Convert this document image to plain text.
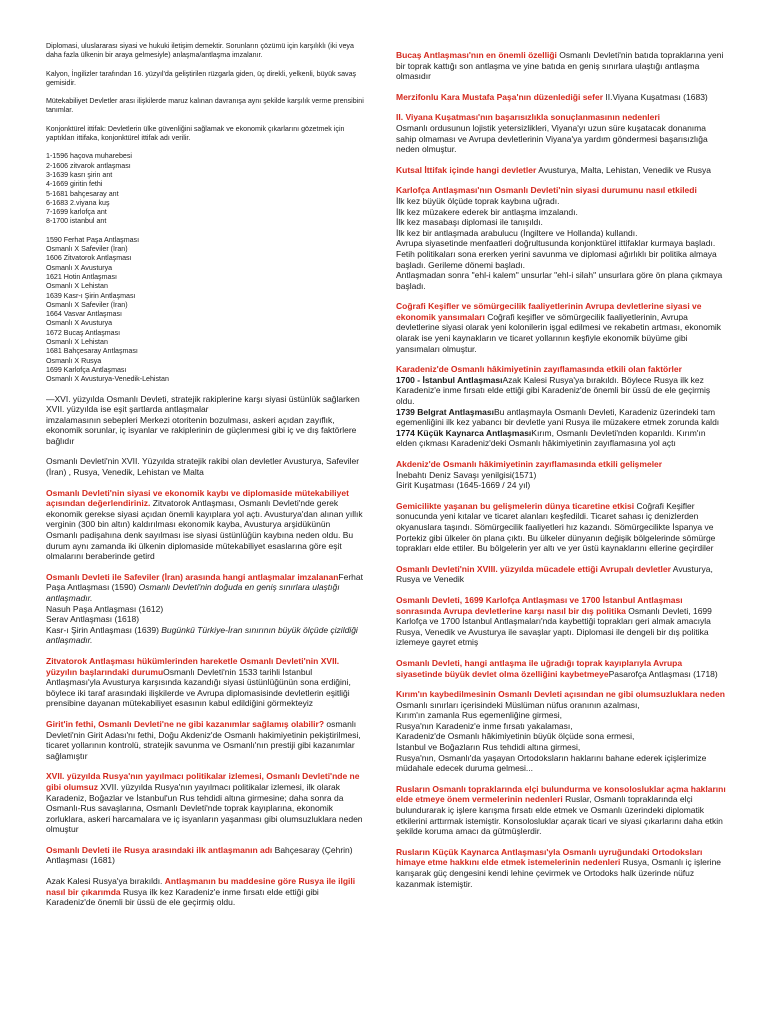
Diplomasi, uluslararası siyasi ve hukuki iletişim demektir. Sorunların çözümü için karşılıklı (iki veya daha fazla ülkenin bir araya gelmesiyle) anlaşma/antlaşma imzalanır.

Kalyon, İngilizler tarafından 16. yüzyıl'da geliştirilen rüzgarla giden, üç direkli, yelkenli, büyük savaş gemisidir.

Mütekabiliyet Devletler arası ilişkilerde maruz kalınan davranışa aynı şekilde karşılık verme prensibini tanımlar.

Konjonktürel ittifak: Devletlerin ülke güvenliğini sağlamak ve ekonomik çıkarlarını gözetmek için yaptıkları ittifaka, konjonktürel ittifak adı verilir.

1-1596 haçova muharebesi
2-1606 zitvarok antlaşması
3-1639 kasrı şirin ant
4-1669 giritin fethi
5-1681 bahçesaray ant
6-1683 2.viyana kuş
7-1699 karlofça ant
8-1700 istanbul ant
1590 Ferhat Paşa Antlaşması
Osmanlı X Safeviler (İran)
1606 Zitvatorok Antlaşması
Osmanlı X Avusturya
1621 Hotin Antlaşması
Osmanlı X Lehistan
1639 Kasr-ı Şirin Antlaşması
Osmanlı X Safeviler (İran)
1664 Vasvar Antlaşması
Osmanlı X Avusturya
1672 Bucaş Antlaşması
Osmanlı X Lehistan
1681 Bahçesaray Antlaşması
Osmanlı X Rusya
1699 Karlofça Antlaşması
Osmanlı X Avusturya-Venedik-Lehistan

—XVI. yüzyılda Osmanlı Devleti, stratejik rakiplerine karşı siyasi üstünlük sağlarken XVII. yüzyılda ise eşit şartlarda antlaşmalar

imzalamasının sebepleri Merkezi otoritenin bozulması, askeri açıdan zayıflık, ekonomik sorunlar, iç isyanlar ve rakiplerinin de güçlenmesi gibi iç ve dış faktörlere bağlıdır

Osmanlı Devleti'nin XVII. Yüzyılda stratejik rakibi olan devletler Avusturya, Safeviler (İran) , Rusya, Venedik, Lehistan ve Malta

Osmanlı Devleti'nin siyasi ve ekonomik kaybı ve diplomaside mütekabiliyet açısından değerlendiriniz. Zitvatorok Antlaşması, Osmanlı Devleti'nde gerek ekonomik gerekse siyasi açıdan önemli kayıplara yol açtı. Avusturya'dan alınan yıllık verginin (300 bin altın) kaldırılması ekonomik kayba, Avusturya arşidükünün Osmanlı padişahına denk sayılması ise siyasi üstünlüğün kaybına neden oldu. Bu durum aynı zamanda iki ülkenin diplomaside mütekabiliyet esaslarına göre eşit olmalarını beraberinde getird

Osmanlı Devleti ile Safeviler (İran) arasında hangi antlaşmalar imzalananFerhat Paşa Antlaşması (1590) Osmanlı Devleti'nin doğuda en geniş sınırlara ulaştığı antlaşmadır.

Nasuh Paşa Antlaşması (1612)

Serav Antlaşması (1618)

Kasr-ı Şirin Antlaşması (1639) Bugünkü Türkiye-İran sınırının büyük ölçüde çizildiği antlaşmadır.

Zitvatorok Antlaşması hükümlerinden hareketle Osmanlı Devleti'nin XVII. yüzyılın başlarındaki durumuOsmanlı Devleti'nin 1533 tarihli İstanbul Antlaşması'yla Avusturya karşısında kazandığı siyasi üstünlüğünün sona erdiğini, böylece iki taraf arasındaki ilişkilerde ve Avrupa diplomasisinde devletlerin eşitliği prensibine dayanan mütekabiliyet esasının kabul edildiğini görmekteyiz

Girit'in fethi, Osmanlı Devleti'ne ne gibi kazanımlar sağlamış olabilir? osmanlı Devleti'nin Girit Adası'nı fethi, Doğu Akdeniz'de Osmanlı hakimiyetinin pekiştirilmesi, ticaret yollarının kontrolü, stratejik savunma ve Osmanlı'nın prestiji gibi kazanımlar sağlamıştır

XVII. yüzyılda Rusya'nın yayılmacı politikalar izlemesi, Osmanlı Devleti'nde ne gibi olumsuz XVII. yüzyılda Rusya'nın yayılmacı politikalar izlemesi, ilk olarak Karadeniz, Boğazlar ve İstanbul'un Rus tehdidi altına girmesine; daha sonra da Osmanlı-Rus savaşlarına, Osmanlı Devleti'nde toprak kayıplarına, ekonomik zorluklara, askeri harcamalara ve iç isyanların yaşanması gibi olumsuzluklara neden olmuştur

Osmanlı Devleti ile Rusya arasındaki ilk antlaşmanın adı Bahçesaray (Çehrin) Antlaşması (1681)

Azak Kalesi Rusya'ya bırakıldı. Antlaşmanın bu maddesine göre Rusya ile ilgili nasıl bir çıkarımda Rusya ilk kez Karadeniz'e inme fırsatı elde ettiği gibi Karadeniz'de önemli bir üssü de ele geçirmiş oldu.

Bucaş Antlaşması'nın en önemli özelliği Osmanlı Devleti'nin batıda topraklarına yeni bir toprak kattığı son antlaşma ve yine batıda en geniş sınırlara ulaştığı antlaşma olmasıdır

Merzifonlu Kara Mustafa Paşa'nın düzenlediği sefer II.Viyana Kuşatması (1683)

II. Viyana Kuşatması'nın başarısızlıkla sonuçlanmasının nedenleri

Osmanlı ordusunun lojistik yetersizlikleri, Viyana'yı uzun süre kuşatacak donanıma sahip olmaması ve Avrupa devletlerinin Viyana'ya yardım göndermesi başarısızlığa neden olmuştur.

Kutsal İttifak içinde hangi devletler Avusturya, Malta, Lehistan, Venedik ve Rusya

Karlofça Antlaşması'nın Osmanlı Devleti'nin siyasi durumunu nasıl etkiledi

İlk kez büyük ölçüde toprak kaybına uğradı.

İlk kez müzakere ederek bir antlaşma imzalandı.

İlk kez masabaşı diplomasi ile tanışıldı.

İlk kez bir antlaşmada arabulucu (İngiltere ve Hollanda) kullandı.

Avrupa siyasetinde menfaatleri doğrultusunda konjonktürel ittifaklar kurmaya başladı.

Fetih politikaları sona ererken yerini savunma ve diplomasi ağırlıklı bir politika almaya başladı. Gerileme dönemi başladı.

Antlaşmadan sonra "ehl-i kalem" unsurlar "ehl-i silah" unsurlara göre ön plana çıkmaya başladı.

Coğrafi Keşifler ve sömürgecilik faaliyetlerinin Avrupa devletlerine siyasi ve ekonomik yansımaları Coğrafi keşifler ve sömürgecilik faaliyetlerinin, Avrupa devletlerine siyasi olarak yeni kolonilerin işgal edilmesi ve rekabetin artması, ekonomik olarak ise yeni kaynakların ve ticaret yollarının keşfiyle ekonomik büyüme gibi yansımaları olmuştur.

Karadeniz'de Osmanlı hâkimiyetinin zayıflamasında etkili olan faktörler

1700 - İstanbul AntlaşmasıAzak Kalesi Rusya'ya bırakıldı. Böylece Rusya ilk kez Karadeniz'e inme fırsatı elde ettiği gibi Karadeniz'de önemli bir üssü de ele geçirmiş oldu.

1739 Belgrat AntlaşmasıBu antlaşmayla Osmanlı Devleti, Karadeniz üzerindeki tam egemenliğini ilk kez yabancı bir devletle yani Rusya ile müzakere etmek zorunda kaldı

1774 Küçük Kaynarca AntlaşmasıKırım, Osmanlı Devleti'nden koparıldı. Kırım'ın elden çıkması Karadeniz'deki Osmanlı hâkimiyetinin zayıflamasına yol açtı

Akdeniz'de Osmanlı hâkimiyetinin zayıflamasında etkili gelişmeler

İnebahtı Deniz Savaşı yenilgisi(1571)

Girit Kuşatması (1645-1669 / 24 yıl)

Gemicilikte yaşanan bu gelişmelerin dünya ticaretine etkisi Coğrafi Keşifler sonucunda yeni kıtalar ve ticaret alanları keşfedildi. Ticaret sahası iç denizlerden okyanuslara taşındı. Sömürgecilik faaliyetleri hız kazandı. Sömürgecilikte İspanya ve Portekiz gibi ülkeler ön plana çıktı. Bu ülkeler dünyanın değişik bölgelerinde sömürge toprakları elde ettiler. Bu bölgelerin yer altı ve yer üstü kaynaklarını ellerine geçirdiler

Osmanlı Devleti'nin XVIII. yüzyılda mücadele ettiği Avrupalı devletler Avusturya, Rusya ve Venedik

Osmanlı Devleti, 1699 Karlofça Antlaşması ve 1700 İstanbul Antlaşması sonrasında Avrupa devletlerine karşı nasıl bir dış politika Osmanlı Devleti, 1699 Karlofça ve 1700 İstanbul Antlaşmaları'nda kaybettiği toprakları geri almak amacıyla Rusya, Venedik ve Avusturya ile savaşlar yaptı. Diplomasi ile dengeli bir dış politika izlemeye gayret etmiş

Osmanlı Devleti, hangi antlaşma ile uğradığı toprak kayıplarıyla Avrupa siyasetinde büyük devlet olma özelliğini kaybetmeyePasarofça Antlaşması (1718)

Kırım'ın kaybedilmesinin Osmanlı Devleti açısından ne gibi olumsuzluklara neden

Osmanlı sınırları içerisindeki Müslüman nüfus oranının azalması,

Kırım'ın zamanla Rus egemenliğine girmesi,

Rusya'nın Karadeniz'e inme fırsatı yakalaması,

Karadeniz'de Osmanlı hâkimiyetinin büyük ölçüde sona ermesi,

İstanbul ve Boğazların Rus tehdidi altına girmesi,

Rusya'nın, Osmanlı'da yaşayan Ortodoksların haklarını bahane ederek içişlerimize müdahale edecek duruma gelmesi...

Rusların Osmanlı topraklarında elçi bulundurma ve konsolosluklar açma haklarını elde etmeye önem vermelerinin nedenleri Ruslar, Osmanlı topraklarında elçi bulundurarak iç işlere karışma fırsatı elde etmek ve Osmanlı üzerindeki diplomatik etkilerini arttırmak istemiştir. Konsolosluklar açarak ticari ve siyasi çıkarlarını daha etkin şekilde koruma amacı da gütmüşlerdir.

Rusların Küçük Kaynarca Antlaşması'yla Osmanlı uyruğundaki Ortodoksları himaye etme hakkını elde etmek istemelerinin nedenleri Rusya, Osmanlı iç işlerine karışarak güç dengesini kendi lehine çevirmek ve Ortodoks halk üzerinde nüfuz kazanmak istemiştir.
